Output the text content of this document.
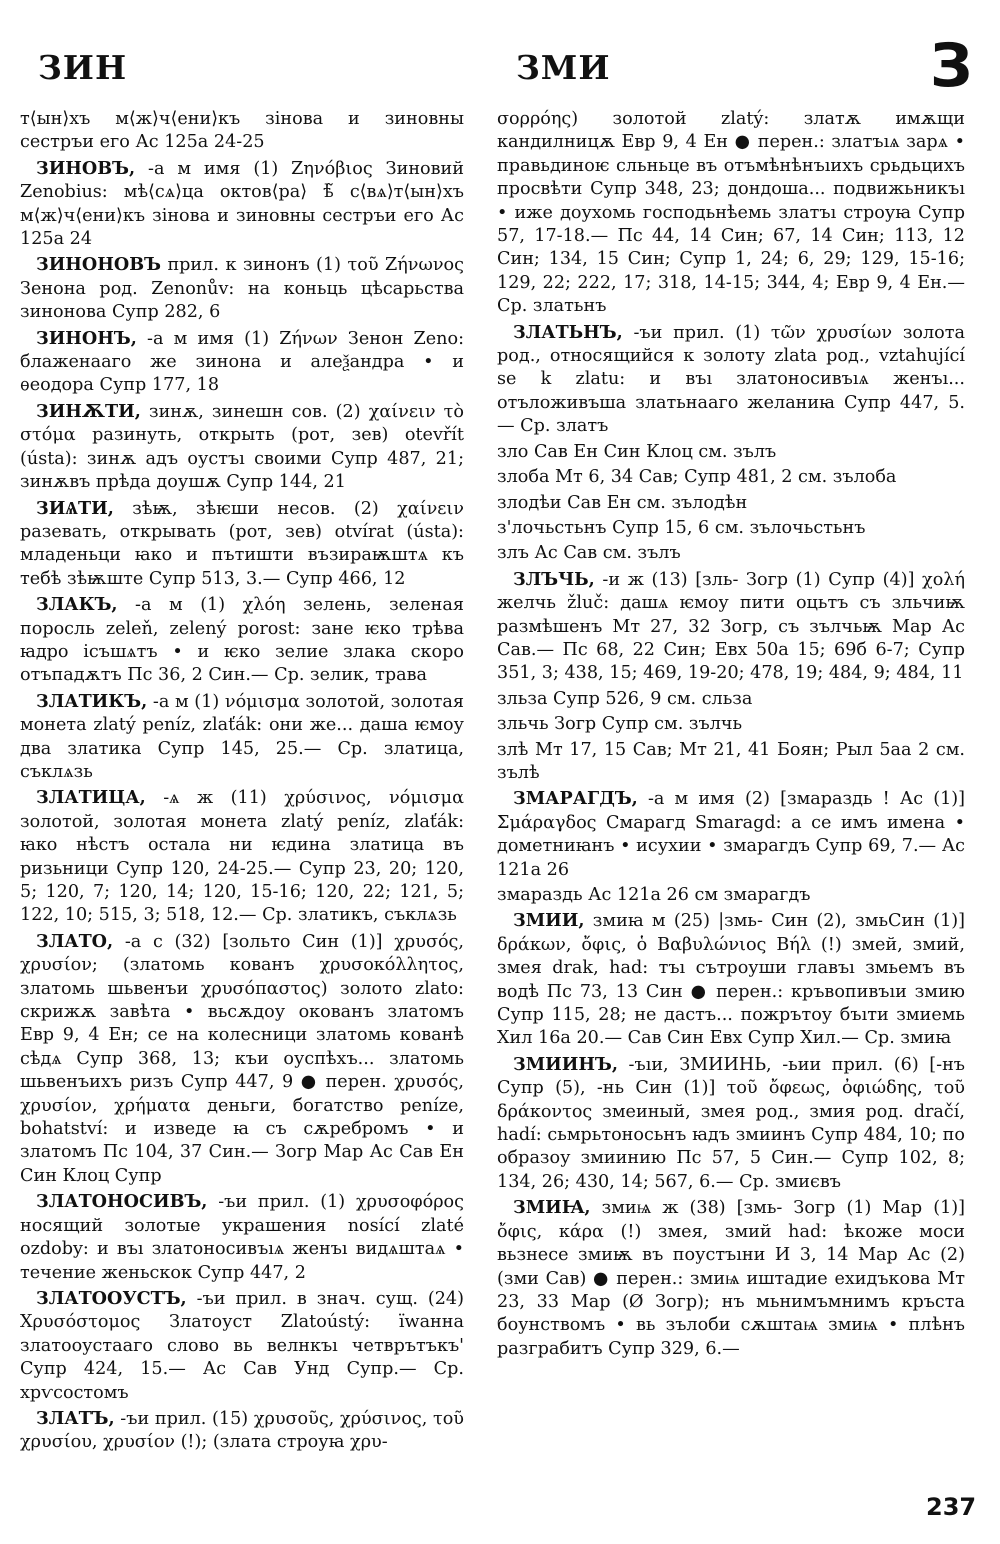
ЗИН	ЗМИ	З

т⟨ын⟩хъ м⟨ж⟩ч⟨ени⟩къ зінова и зиновны сестръи его Ас 125а 24-25

ЗИНОВЪ, -а м имя (1) Ζηνόβιος Зиновий Zenobius: мѣ⟨сѧ⟩ца октов⟨ра⟩ ѣ̃ с⟨вѧ⟩т⟨ын⟩хъ м⟨ж⟩ч⟨ени⟩къ зінова и зиновны сестръи его Ас 125а 24

ЗИНОНОВЪ прил. к зинонъ (1) τοῦ Ζήνωνος Зенона род. Zenonův: на коньць цѣсарьства зинонова Супр 282, 6

ЗИНОНЪ, -а м имя (1) Ζήνων Зенон Zeno: блаженааго же зинона и алеѯандра • и ѳеодора Супр 177, 18

ЗИНѪТИ, зинѫ, зинешн сов. (2) χαίνειν τὸ στόμα разинуть, открыть (рот, зев) otevřít (ústa): зинѫ адъ оустъı своими Супр 487, 21; зинѫвъ прѣда доушѫ Супр 144, 21

ЗИѦТИ, зѣѭ, зѣѥши несов. (2) χαίνειν разевать, открывать (рот, зев) otvírat (ústa): младеньци ꙗко и пътишти възираѭштѧ къ тебѣ зѣѭште Супр 513, 3.— Супр 466, 12

ЗЛАКЪ, -а м (1) χλόη зелень, зеленая поросль zeleň, zelený porost: зане ѥко трѣва ꙗдро ісъшѧтъ • и ѥко зелие злака скоро отъпадѫтъ Пс 36, 2 Син.— Ср. зелик, трава

ЗЛАТИКЪ, -а м (1) νόμισμα золотой, золотая монета zlatý peníz, zlaťák: они же... даша ѥмоу два златика Супр 145, 25.— Ср. златица, съклѧзь

ЗЛАТИЦА, -ѧ ж (11) χρύσινος, νόμισμα золотой, золотая монета zlatý peníz, zlaťák: ꙗко нѣстъ остала ни ѥдина златица въ ризьници Супр 120, 24-25.— Супр 23, 20; 120, 5; 120, 7; 120, 14; 120, 15-16; 120, 22; 121, 5; 122, 10; 515, 3; 518, 12.— Ср. златикъ, съклѧзь

ЗЛАТО, -а с (32) [зольто Син (1)] χρυσός, χρυσίον; (златомь кованъ χρυσοκόλλητος, златомь шьвенъи χρυσόπαστος) золото zlato: скрижѫ завѣта • вьсѫдоу окованъ златомъ Евр 9, 4 Ен; се на колесници златомь кованѣ сѣдѧ Супр 368, 13; къи оуспѣхъ... златомь шьвенъихъ ризъ Супр 447, 9 ● перен. χρυσός, χρυσίον, χρήματα деньги, богатство peníze, bohatství: и изведе ꙗ съ сѫребромъ • и златомъ Пс 104, 37 Син.— Зогр Мар Ас Сав Ен Син Клоц Супр

ЗЛАТОНОСИВЪ, -ъи прил. (1) χρυσοφόρος носящий золотые украшения nosící zlaté ozdoby: и въı златоносивъıѧ женъı видѧштаѧ • течение жeньскoк Супр 447, 2

ЗЛАТООУСТЪ, -ъи прил. в знач. сущ. (24) Χρυσόστομος Златоуст Zlatoústý: їwанна златооустааго слово вь велнкъı четврътъкъ' Супр 424, 15.— Ас Сав Унд Супр.— Ср. хрѵсостомъ

ЗЛАТЪ, -ъи прил. (15) χρυσοῦς, χρύσινος, τοῦ χρυσίου, χρυσίον (!); (злата строуꙗ χρυ-

σορρόης) золотой zlatý: златѫ имѫщи кандилницѫ Евр 9, 4 Ен ● перен.: златъıѧ зарѧ • правьдиноѥ сльньце въ отъмѣнѣнъıихъ срьдьцихъ просвѣти Супр 348, 23; дондоша... подвижьникъı • иже доухомь господьнѣемь златъı строуꙗ Супр 57, 17-18.— Пс 44, 14 Син; 67, 14 Син; 113, 12 Син; 134, 15 Син; Супр 1, 24; 6, 29; 129, 15-16; 129, 22; 222, 17; 318, 14-15; 344, 4; Евр 9, 4 Ен.— Ср. златьнъ

ЗЛАТЬНЪ, -ъи прил. (1) τῶν χρυσίων золота род., относящийся к золоту zlata род., vztahující se k zlatu: и въı златоносивъıѧ женъı... отъложивъша златьнааго желаниꙗ Супр 447, 5.— Ср. златъ

зло Сав Ен Син Клоц см. зълъ

злоба Мт 6, 34 Сав; Супр 481, 2 см. зълоба

злодѣи Сав Ен см. зълодѣн

з'лочьстьнъ Супр 15, 6 см. зълочьстьнъ

злъ Ас Сав см. зълъ

ЗЛЪЧЬ, -и ж (13) [зль- Зогр (1) Супр (4)] χολή желчь žluč: дашѧ ѥмоу пити оцьтъ съ зльчиѭ размѣшенъ Мт 27, 32 Зогр, съ зълчьѭ Мар Ас Сав.— Пс 68, 22 Син; Евх 50а 15; 69б 6-7; Супр 351, 3; 438, 15; 469, 19-20; 478, 19; 484, 9; 484, 11

зльза Супр 526, 9 см. сльза

зльчь Зогр Супр см. зълчь

злѣ Мт 17, 15 Сав; Мт 21, 41 Боян; Рыл 5аа 2 см. зълѣ

ЗМАРАГДЪ, -а м имя (2) [змараздь ! Ас (1)] Σμάραγδος Смарагд Smaragd: а се имъ имена • дометниꙗнъ • исухии • змарагдъ Супр 69, 7.— Ас 121а 26

змараздь Ас 121а 26 см змарагдъ

ЗМИИ, змиꙗ м (25) |змь- Син (2), змьСин (1)] δράκων, ὄφις, ὁ Βαβυλώνιος Βήλ (!) змей, змий, змея drak, had: тъı сътроуши главъı змьемъ въ водѣ Пс 73, 13 Син ● перен.: кръвопивъıи змию Супр 115, 28; не дастъ... пожрътоу бъıти змиемь Хил 16а 20.— Сав Син Евх Супр Хил.— Ср. змиꙗ

ЗМИИНЪ, -ъıи, ЗМИИНЬ, -ьии прил. (6) [-нъ Супр (5), -нь Син (1)] τοῦ ὄφεως, ὀφιώδης, τοῦ δράκοντος змеиный, змея род., змия род. dračí, hadí: сьмрьтоносьнъ ꙗдъ змиинъ Супр 484, 10; по образоу змиинию Пс 57, 5 Син.— Супр 102, 8; 134, 26; 430, 14; 567, 6.— Ср. змиєвъ

ЗМИꙖ, змиѩ ж (38) [змь- Зогр (1) Мар (1)] ὄφις, κάρα (!) змея, змий had: ѣкоже моси вьзнесе змиѭ въ поустъıни И 3, 14 Мар Ас (2) (зми Сав) ● перен.: змиѩ иштадие ехидъкова Мт 23, 33 Мар (Ø Зогр); нъ мьнимъмнимъ кръста боунствомъ • вь зълоби сѫштаѩ змиѩ • плѣнъ разграбитъ Супр 329, 6.—

237
